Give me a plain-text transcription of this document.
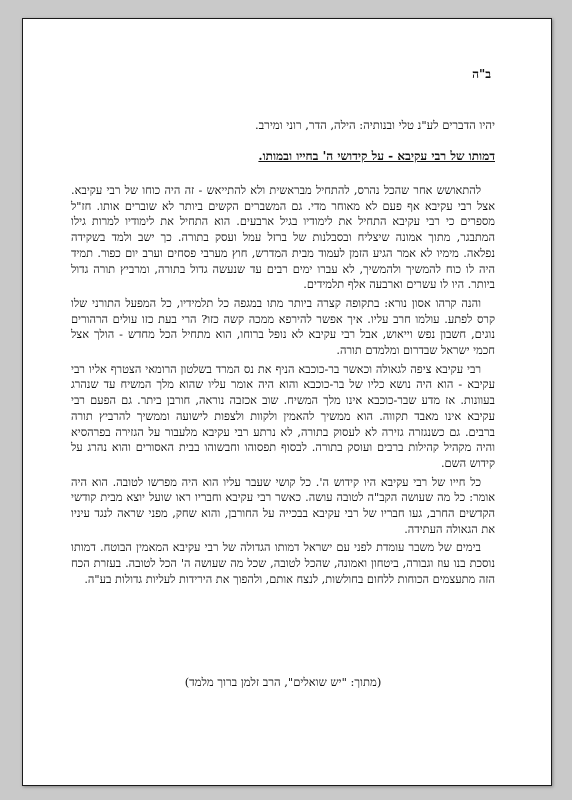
ב"ה
יהיו הדברים לע"נ טלי ובנותיה: הילה, הדר, רוני ומירב.
דמותו של רבי עקיבא - על קידושי ה' בחייו ובמותו.

להתאושש אחר שהכל נהרס, להתחיל מבראשית ולא להתייאש - זה היה כוחו של רבי עקיבא. אצל רבי עקיבא אף פעם לא מאוחר מדי. גם המשברים הקשים ביותר לא שוברים אותו. חז"ל מספרים כי רבי עקיבא התחיל את לימודיו בגיל ארבעים. הוא התחיל את לימודיו למרות גילו המתבגר, מתוך אמונה שיצליח ובסבלנות של ברזל עמל ועסק בתורה. כך ישב ולמד בשקידה נפלאה. מימיו לא אמר הגיע הזמן לעמוד מבית המדרש, חוץ מערבי פסחים וערב יום כפור. תמיד היה לו כוח להמשיך ולהמשיך, לא עברו ימים רבים עד שנעשה גדול בתורה, ומרביץ תורה גדול ביותר. היו לו עשרים וארבעה אלף תלמידים.

והנה קרהו אסון נורא: בתקופה קצרה ביותר מתו במגפה כל תלמידיו, כל המפעל התורני שלו קרס לפתע. עולמו חרב עליו. איך אפשר להירפא ממכה קשה כזו? הרי בעת כזו עולים הרהורים נוגים, חשבון נפש וייאוש, אבל רבי עקיבא לא נופל ברוחו, הוא מתחיל הכל מחדש - הולך אצל חכמי ישראל שבדרום ומלמדם תורה.

רבי עקיבא ציפה לגאולה וכאשר בר-כוכבא הניף את נס המרד בשלטון הרומאי הצטרף אליו רבי עקיבא - הוא היה נושא כליו של בר-כוכבא והוא היה אומר עליו שהוא מלך המשיח עד שנהרג בעוונות. אז מדע שבר-כוכבא אינו מלך המשיח. שוב אכזבה נוראה, חורבן ביתר. גם הפעם רבי עקיבא אינו מאבד תקווה. הוא ממשיך להאמין ולקוות ולצפות לישועה וממשיך להרביץ תורה ברבים. גם כשנגזרה גזירה לא לעסוק בתורה, לא נרתע רבי עקיבא מלעבור על הגזירה בפרהסיא והיה מקהיל קהילות ברבים ועוסק בתורה. לבסוף תפסוהו וחבשוהו בבית האסורים והוא נהרג על קידוש השם.

כל חייו של רבי עקיבא היו קידוש ה'. כל קושי שעבר עליו הוא היה מפרשו לטובה. הוא היה אומר: כל מה שעושה הקב"ה לטובה עושה. כאשר רבי עקיבא וחבריו ראו שועל יוצא מבית קודשי הקדשים החרב, געו חבריו של רבי עקיבא בבכייה על החורבן, והוא שחק, מפני שראה לנגד עיניו את הגאולה העתידה.

בימים של משבר עומדת לפני עם ישראל דמותו הגדולה של רבי עקיבא המאמין הבוטח. דמותו נוסכת בנו עוז וגבורה, ביטחון ואמונה, שהכל לטובה, שכל מה שעושה ה' הכל לטובה. בעזרת הכח הזה מתעצמים הכוחות ללחום בחולשות, לנצח אותם, ולהפוך את הירידות לעליות גדולות בע"ה.

(מתוך: "יש שואלים", הרב זלמן ברוך מלמד)
